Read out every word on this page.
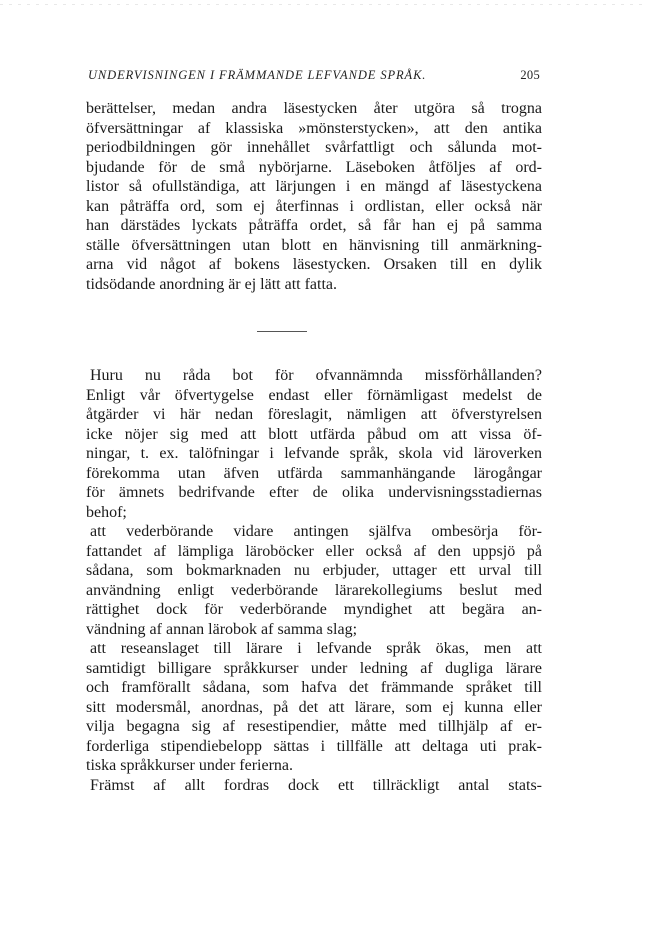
UNDERVISNINGEN I FRÄMMANDE LEFVANDE SPRÅK.	205

berättelser, medan andra läsestycken åter utgöra så trogna
öfversättningar af klassiska »mönsterstycken», att den antika
periodbildningen gör innehållet svårfattligt och sålunda mot-
bjudande för de små nybörjarne. Läseboken åtföljes af ord-
listor så ofullständiga, att lärjungen i en mängd af läsestyckena
kan påträffa ord, som ej återfinnas i ordlistan, eller också när
han därstädes lyckats påträffa ordet, så får han ej på samma
ställe öfversättningen utan blott en hänvisning till anmärkning-
arna vid något af bokens läsestycken. Orsaken till en dylik
tidsödande anordning är ej lätt att fatta.

Huru nu råda bot för ofvannämnda missförhållanden?
Enligt vår öfvertygelse endast eller förnämligast medelst de
åtgärder vi här nedan föreslagit, nämligen att öfverstyrelsen
icke nöjer sig med att blott utfärda påbud om att vissa öf-
ningar, t. ex. talöfningar i lefvande språk, skola vid läroverken
förekomma utan äfven utfärda sammanhängande lärogångar
för ämnets bedrifvande efter de olika undervisningsstadiernas
behof;

att vederbörande vidare antingen själfva ombesörja för-
fattandet af lämpliga läroböcker eller också af den uppsjö på
sådana, som bokmarknaden nu erbjuder, uttager ett urval till
användning enligt vederbörande lärarekollegiums beslut med
rättighet dock för vederbörande myndighet att begära an-
vändning af annan lärobok af samma slag;

att reseanslaget till lärare i lefvande språk ökas, men att
samtidigt billigare språkkurser under ledning af dugliga lärare
och framförallt sådana, som hafva det främmande språket till
sitt modersmål, anordnas, på det att lärare, som ej kunna eller
vilja begagna sig af resestipendier, måtte med tillhjälp af er-
forderliga stipendiebelopp sättas i tillfälle att deltaga uti prak-
tiska språkkurser under ferierna.

Främst af allt fordras dock ett tillräckligt antal stats-
